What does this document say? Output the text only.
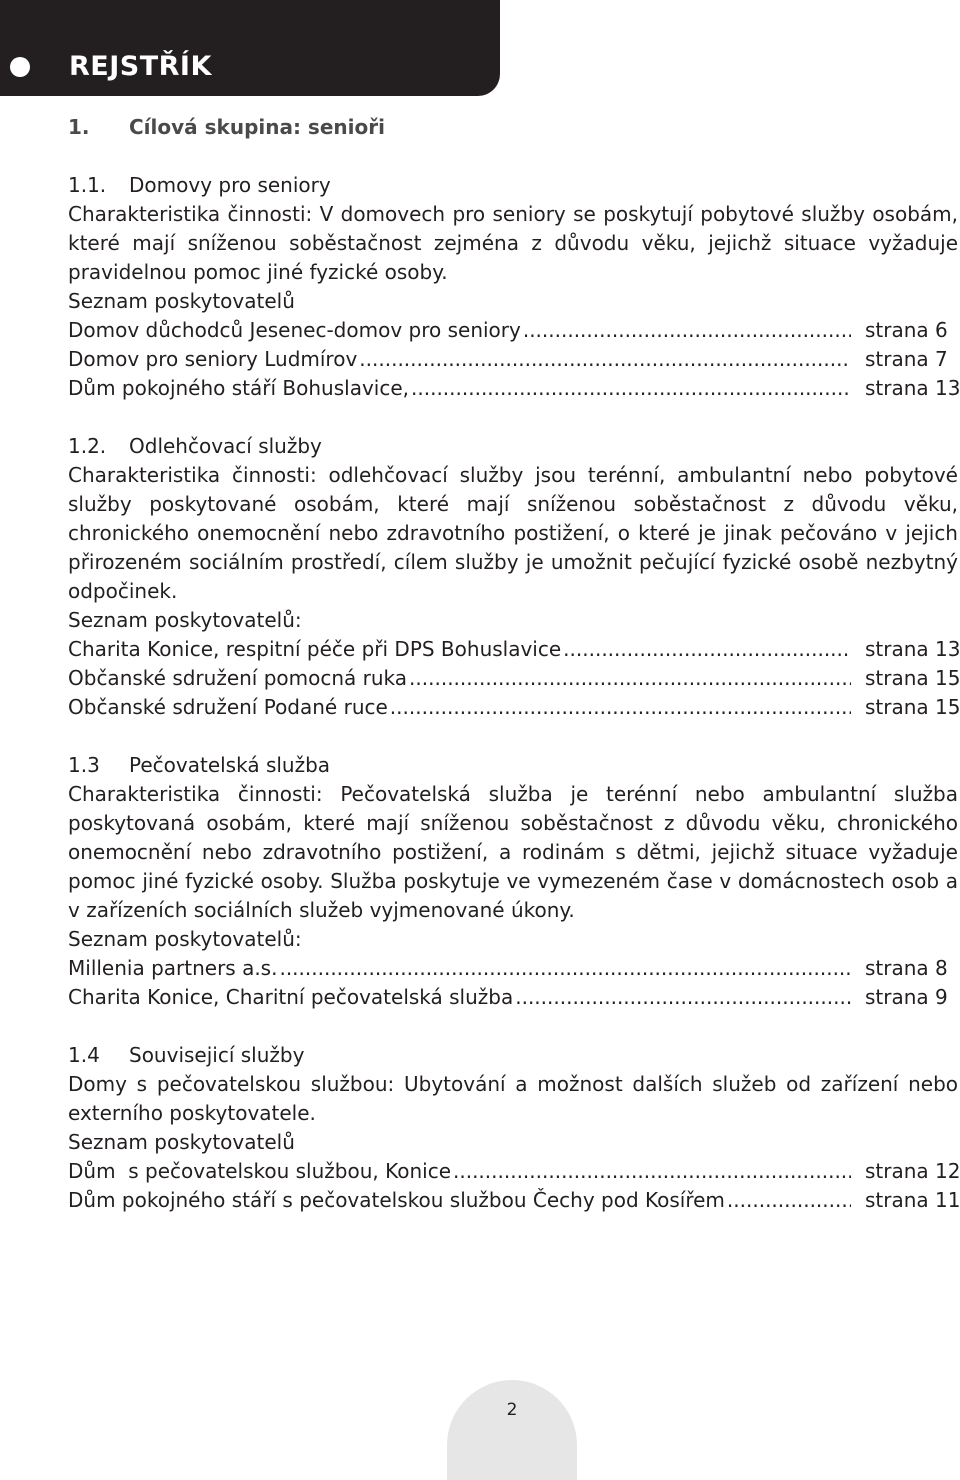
REJSTŘÍK
1. Cílová skupina: senioři
1.1. Domovy pro seniory

Charakteristika činnosti: V domovech pro seniory se poskytují pobytové služby osobám, které mají sníženou soběstačnost zejména z důvodu věku, jejichž situace vyžaduje pravidelnou pomoc jiné fyzické osoby.

Seznam poskytovatelů

Domov důchodců Jesenec-domov pro seniory .....	strana 6
Domov pro seniory Ludmírov .....	strana 7
Dům pokojného stáří Bohuslavice, .....	strana 13
1.2. Odlehčovací služby

Charakteristika činnosti: odlehčovací služby jsou terénní, ambulantní nebo pobytové služby poskytované osobám, které mají sníženou soběstačnost z důvodu věku, chronického onemocnění nebo zdravotního postižení, o které je jinak pečováno v jejich přirozeném sociálním prostředí, cílem služby je umožnit pečující fyzické osobě nezbytný odpočinek.

Seznam poskytovatelů:

Charita Konice, respitní péče při DPS Bohuslavice .....	strana 13
Občanské sdružení pomocná ruka .....	strana 15
Občanské sdružení Podané ruce .....	strana 15
1.3 Pečovatelská služba

Charakteristika činnosti: Pečovatelská služba je terénní nebo ambulantní služba poskytovaná osobám, které mají sníženou soběstačnost z důvodu věku, chronického onemocnění nebo zdravotního postižení, a rodinám s dětmi, jejichž situace vyžaduje pomoc jiné fyzické osoby. Služba poskytuje ve vymezeném čase v domácnostech osob a v zařízeních sociálních služeb vyjmenované úkony.

Seznam poskytovatelů:

Millenia partners a.s. .....	strana 8
Charita Konice, Charitní pečovatelská služba .....	strana 9
1.4 Souvisejicí služby

Domy s pečovatelskou službou: Ubytování a možnost dalších služeb od zařízení nebo externího poskytovatele.

Seznam poskytovatelů

Dům  s pečovatelskou službou, Konice .....	strana 12
Dům pokojného stáří s pečovatelskou službou Čechy pod Kosířem .....	strana 11
2
